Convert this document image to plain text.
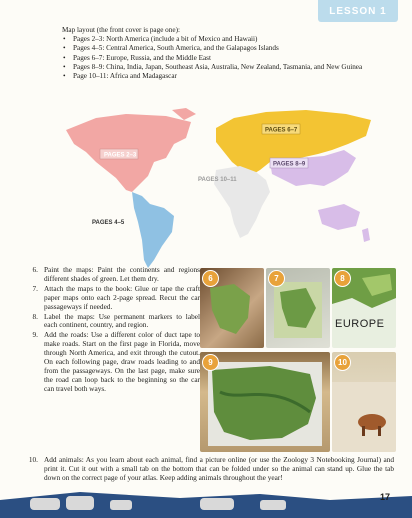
LESSON 1
Map layout (the front cover is page one):
• Pages 2–3: North America (include a bit of Mexico and Hawaii)
• Pages 4–5: Central America, South America, and the Galapagos Islands
• Pages 6–7: Europe, Russia, and the Middle East
• Pages 8–9: China, India, Japan, Southeast Asia, Australia, New Zealand, Tasmania, and New Guinea
• Page 10–11: Africa and Madagascar
PAGES 2–3
PAGES 4–5
PAGES 6–7
PAGES 8–9
PAGES 10–11
6. Paint the maps: Paint the continents and regions different shades of green. Let them dry.
7. Attach the maps to the book: Glue or tape the craft paper maps onto each 2-page spread. Recut the car passageways if needed.
8. Label the maps: Use permanent markers to label each continent, country, and region.
9. Add the roads: Use a different color of duct tape to make roads. Start on the first page in Florida, move through North America, and exit through the cutout. On each following page, draw roads leading to and from the passageways. On the last page, make sure the road can loop back to the beginning so the car can travel both ways.
6	7	8
EUROPE
9	10
10. Add animals: As you learn about each animal, find a picture online (or use the Zoology 3 Notebooking Journal) and print it. Cut it out with a small tab on the bottom that can be folded under so the animal can stand up. Glue the tab down on the correct page of your atlas. Keep adding animals throughout the year!
17
